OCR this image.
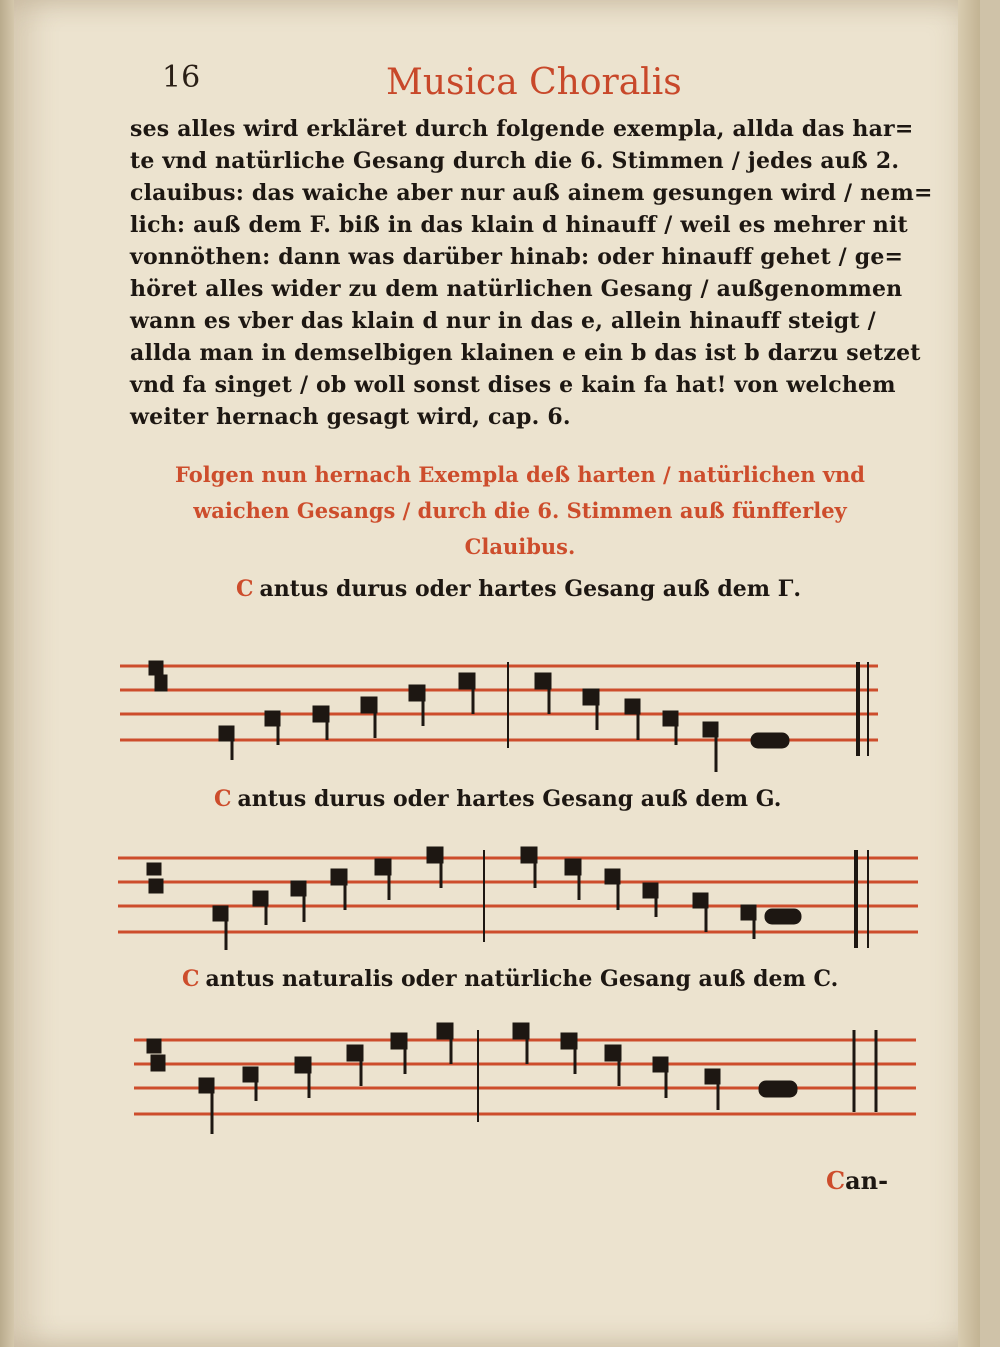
16	Musica Choralis
ses alles wird erkläret durch folgende exempla, allda das har=
te vnd natürliche Gesang durch die 6. Stimmen / jedes auß 2.
clauibus: das waiche aber nur auß ainem gesungen wird / nem=
lich: auß dem F. biß in das klain d hinauff / weil es mehrer nit
vonnöthen: dann was darüber hinab: oder hinauff gehet / ge=
höret alles wider zu dem natürlichen Gesang / außgenommen
wann es vber das klain d nur in das e, allein hinauff steigt /
allda man in demselbigen klainen e ein b das ist b darzu setzet
vnd fa singet / ob woll sonst dises e kain fa hat! von welchem
weiter hernach gesagt wird, cap. 6.
Folgen nun hernach Exempla deß harten / natürlichen vnd
waichen Gesangs / durch die 6. Stimmen auß fünfferley
Clauibus.
C antus durus oder hartes Gesang auß dem Γ.
C antus durus oder hartes Gesang auß dem G.
C antus naturalis oder natürliche Gesang auß dem C.
Can-
